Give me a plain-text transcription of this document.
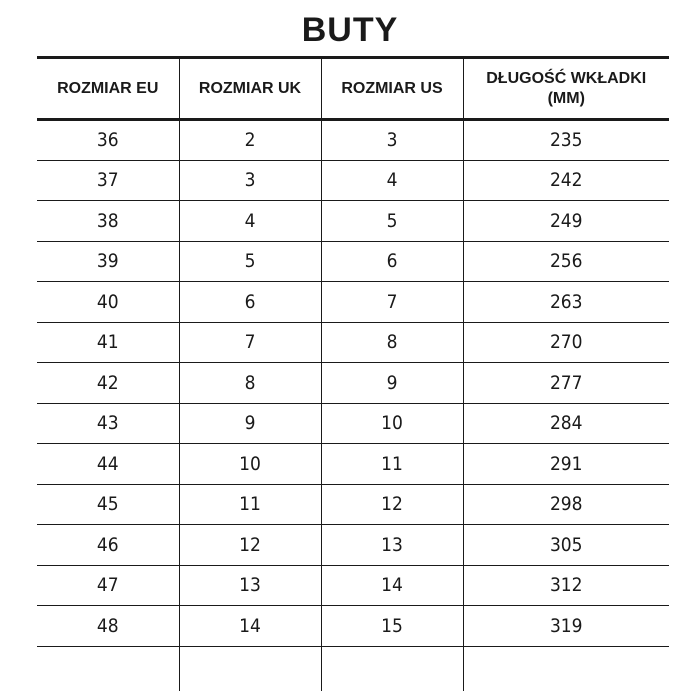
BUTY
ROZMIAR EU	ROZMIAR UK	ROZMIAR US	DŁUGOŚĆ WKŁADKI (MM)
36	2	3	235
37	3	4	242
38	4	5	249
39	5	6	256
40	6	7	263
41	7	8	270
42	8	9	277
43	9	10	284
44	10	11	291
45	11	12	298
46	12	13	305
47	13	14	312
48	14	15	319
